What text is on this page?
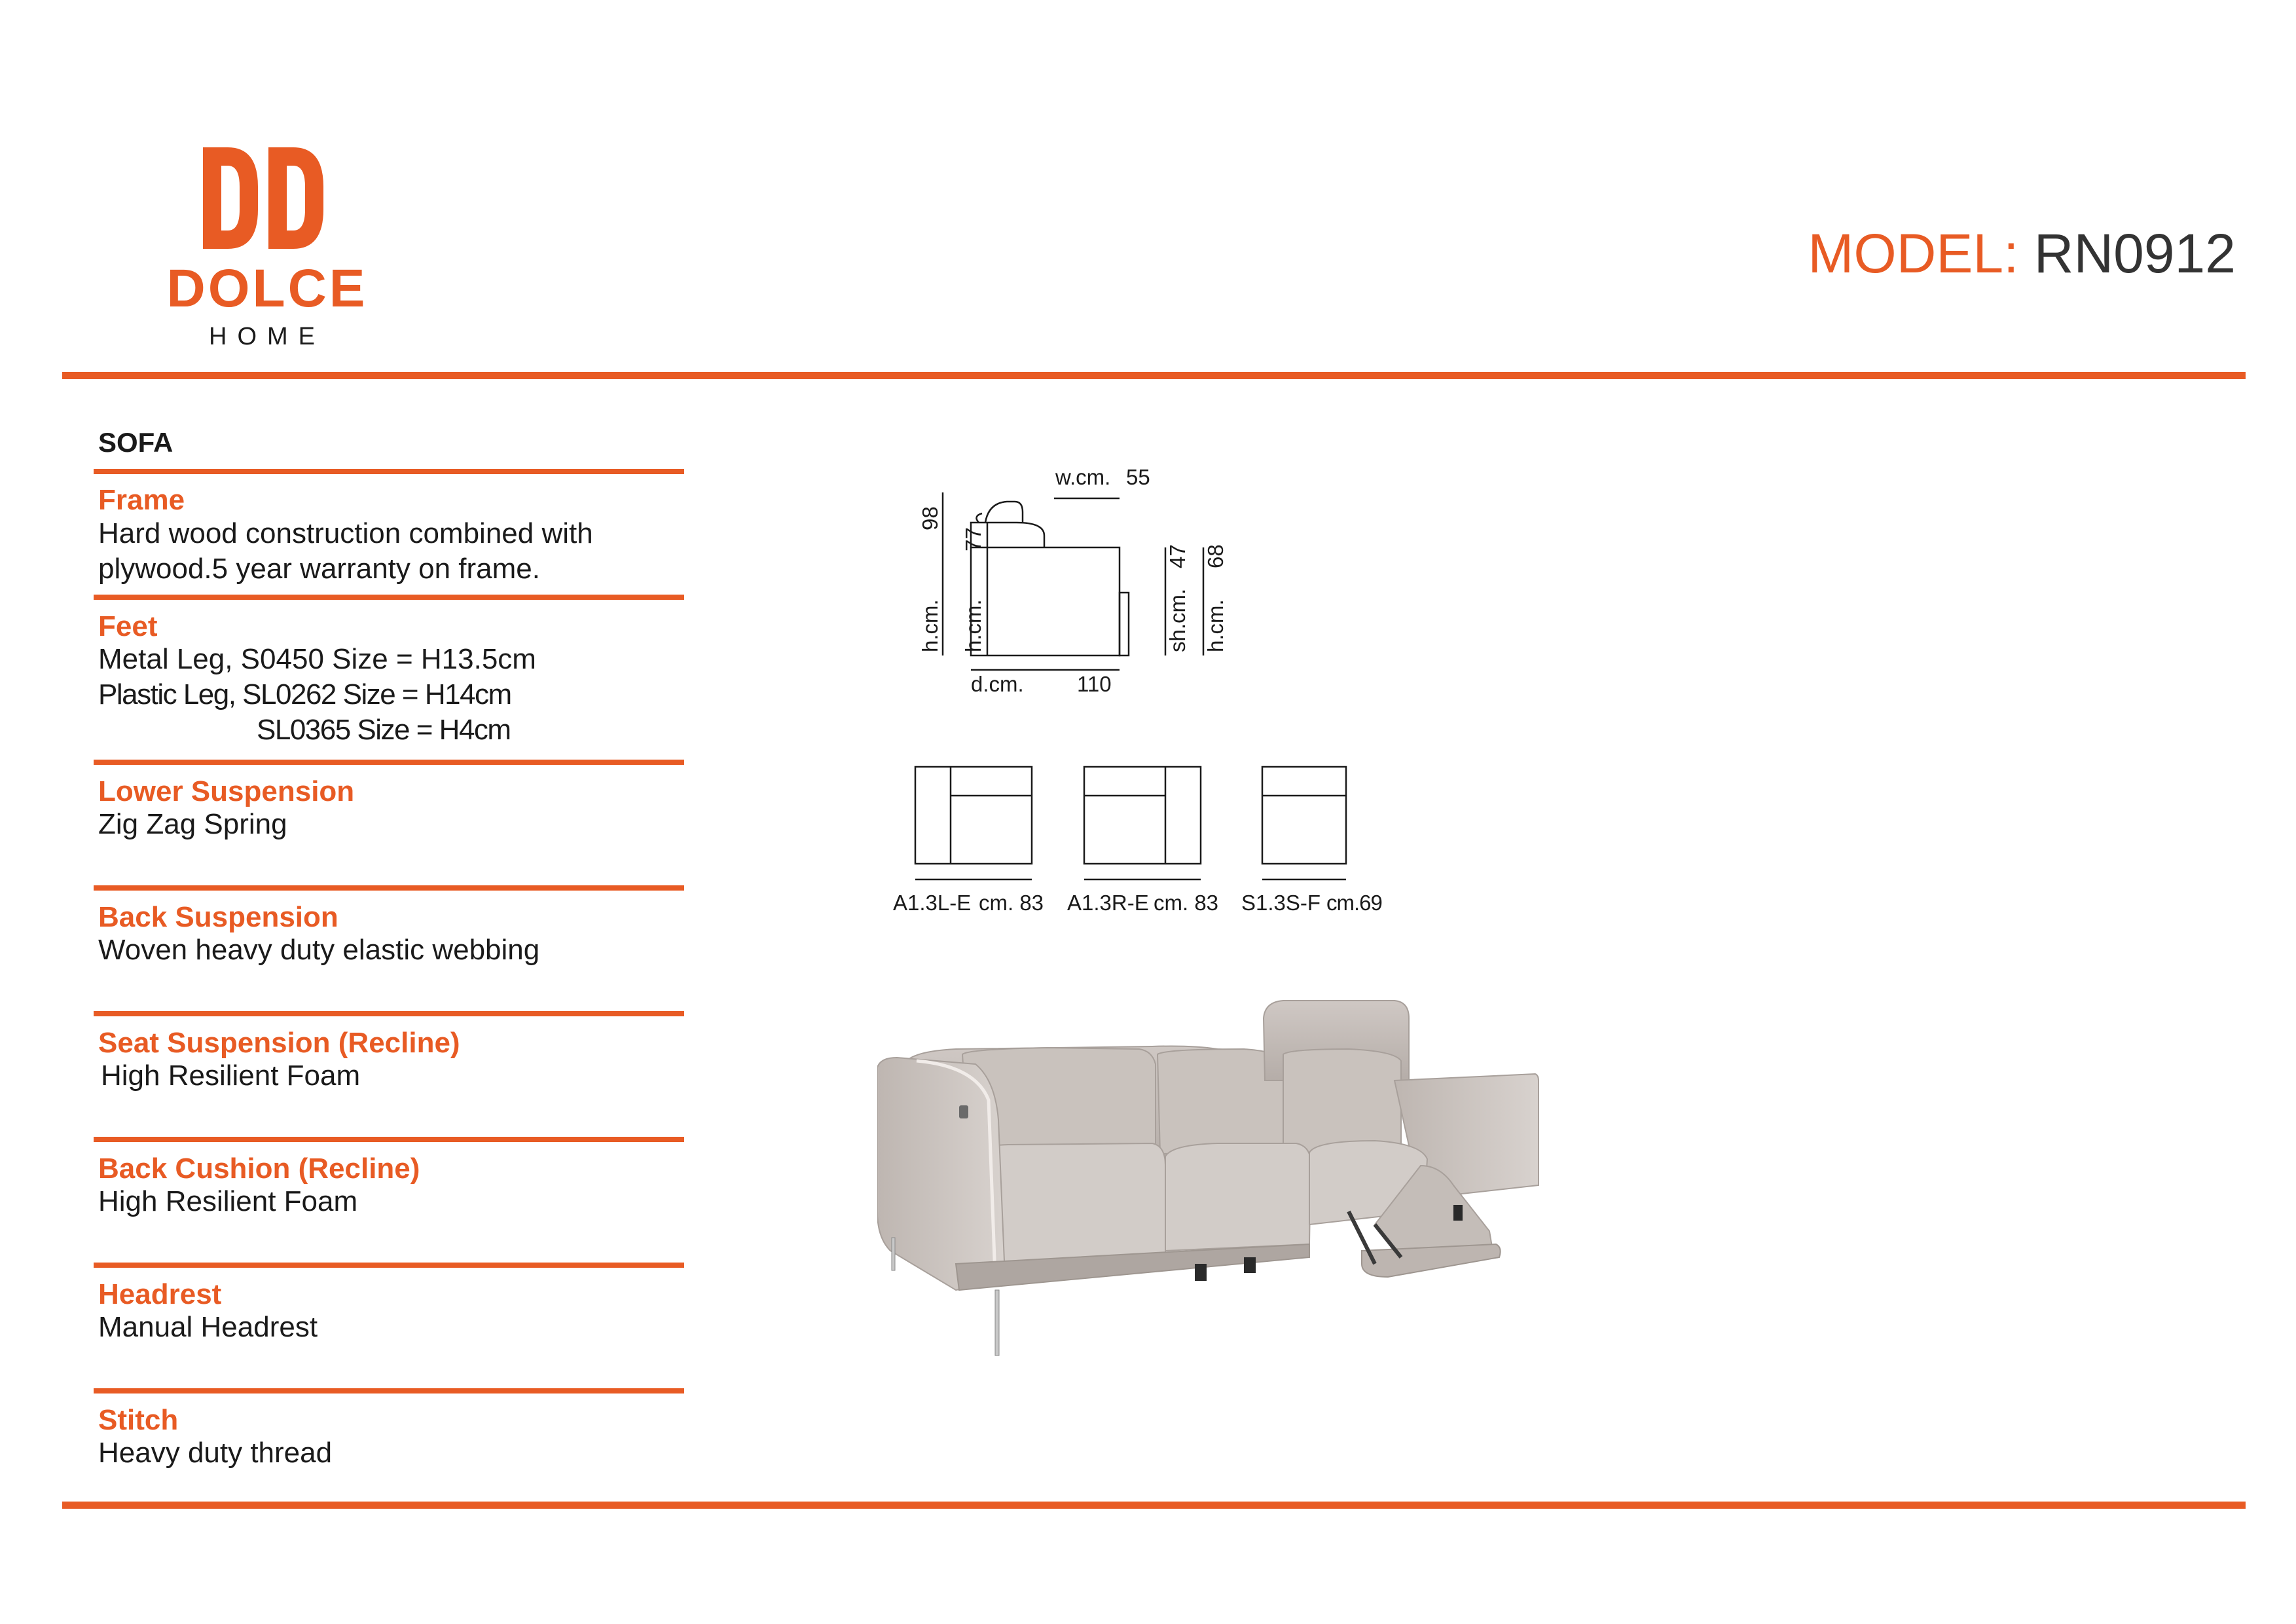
DOLCE
HOME
MODEL: RN0912
SOFA
Frame
Hard wood construction combined with
plywood.5 year warranty on frame.
Feet
Metal Leg, S0450 Size = H13.5cm
Plastic Leg, SL0262 Size = H14cm
SL0365 Size = H4cm
Lower Suspension
Zig Zag Spring
Back Suspension
Woven heavy duty elastic webbing
Seat Suspension (Recline)
High Resilient Foam
Back Cushion (Recline)
High Resilient Foam
Headrest
Manual Headrest
Stitch
Heavy duty thread
w.cm. 55
d.cm. 110
h.cm.
98
h.cm.
77
sh.cm.
47
h.cm.
68
A1.3L-E cm. 83 A1.3R-E cm. 83 S1.3S-F cm.69
